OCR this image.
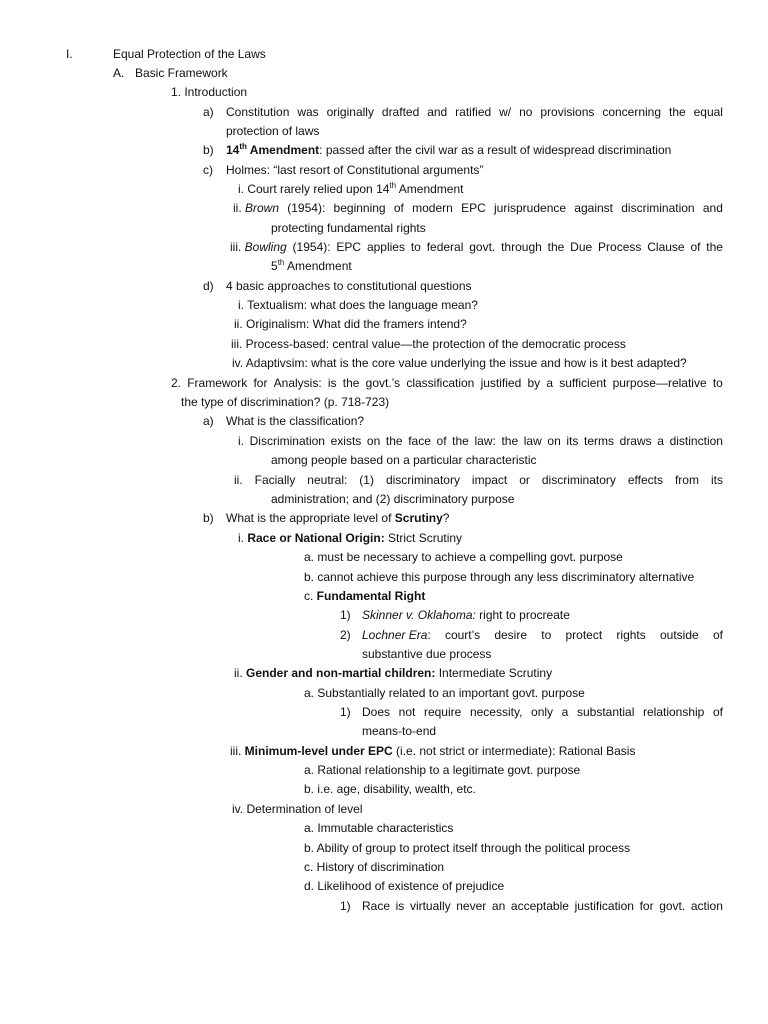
I.	Equal Protection of the Laws
A. Basic Framework
1. Introduction
a) Constitution was originally drafted and ratified w/ no provisions concerning the equal
protection of laws
b) 14th Amendment: passed after the civil war as a result of widespread discrimination
c) Holmes: “last resort of Constitutional arguments”
i. Court rarely relied upon 14th Amendment
ii. Brown (1954): beginning of modern EPC jurisprudence against discrimination and
protecting fundamental rights
iii. Bowling (1954): EPC applies to federal govt. through the Due Process Clause of the
5th Amendment
d) 4 basic approaches to constitutional questions
i. Textualism: what does the language mean?
ii. Originalism: What did the framers intend?
iii. Process-based: central value—the protection of the democratic process
iv. Adaptivsim: what is the core value underlying the issue and how is it best adapted?
2. Framework for Analysis: is the govt.’s classification justified by a sufficient purpose—relative to
the type of discrimination? (p. 718-723)
a) What is the classification?
i. Discrimination exists on the face of the law: the law on its terms draws a distinction
among people based on a particular characteristic
ii. Facially neutral: (1) discriminatory impact or discriminatory effects from its
administration; and (2) discriminatory purpose
b) What is the appropriate level of Scrutiny?
i. Race or National Origin: Strict Scrutiny
a. must be necessary to achieve a compelling govt. purpose
b. cannot achieve this purpose through any less discriminatory alternative
c. Fundamental Right
1) Skinner v. Oklahoma: right to procreate
2) Lochner Era: court’s desire to protect rights outside of
substantive due process
ii. Gender and non-martial children: Intermediate Scrutiny
a. Substantially related to an important govt. purpose
1) Does not require necessity, only a substantial relationship of
means-to-end
iii. Minimum-level under EPC (i.e. not strict or intermediate): Rational Basis
a. Rational relationship to a legitimate govt. purpose
b. i.e. age, disability, wealth, etc.
iv. Determination of level
a. Immutable characteristics
b. Ability of group to protect itself through the political process
c. History of discrimination
d. Likelihood of existence of prejudice
1) Race is virtually never an acceptable justification for govt. action
